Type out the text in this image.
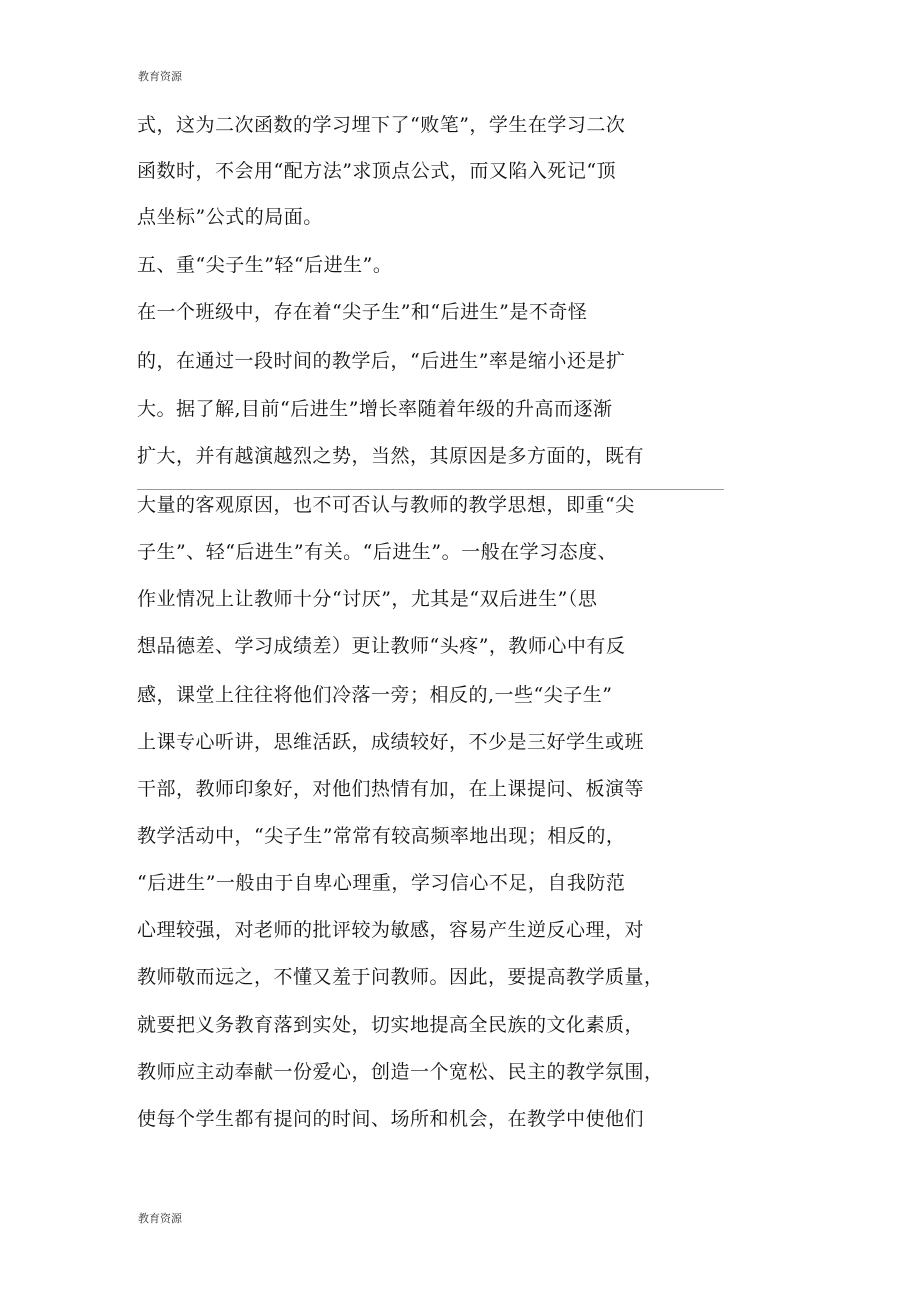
教育资源
式，这为二次函数的学习埋下了“败笔”，学生在学习二次
函数时，不会用“配方法”求顶点公式，而又陷入死记“顶
点坐标”公式的局面。
五、重“尖子生”轻“后进生”。
在一个班级中，存在着“尖子生”和“后进生”是不奇怪
的，在通过一段时间的教学后，“后进生”率是缩小还是扩
大。据了解,目前“后进生”增长率随着年级的升高而逐渐
扩大，并有越演越烈之势，当然，其原因是多方面的，既有
大量的客观原因，也不可否认与教师的教学思想，即重“尖
子生”、轻“后进生”有关。“后进生”。一般在学习态度、
作业情况上让教师十分“讨厌”，尤其是“双后进生”（思
想品德差、学习成绩差）更让教师“头疼”，教师心中有反
感，课堂上往往将他们冷落一旁；相反的,一些“尖子生”
上课专心听讲，思维活跃，成绩较好，不少是三好学生或班
干部，教师印象好，对他们热情有加，在上课提问、板演等
教学活动中，“尖子生”常常有较高频率地出现；相反的，
“后进生”一般由于自卑心理重，学习信心不足，自我防范
心理较强，对老师的批评较为敏感，容易产生逆反心理，对
教师敬而远之，不懂又羞于问教师。因此，要提高教学质量，
就要把义务教育落到实处，切实地提高全民族的文化素质，
教师应主动奉献一份爱心，创造一个宽松、民主的教学氛围，
使每个学生都有提问的时间、场所和机会，在教学中使他们
教育资源
